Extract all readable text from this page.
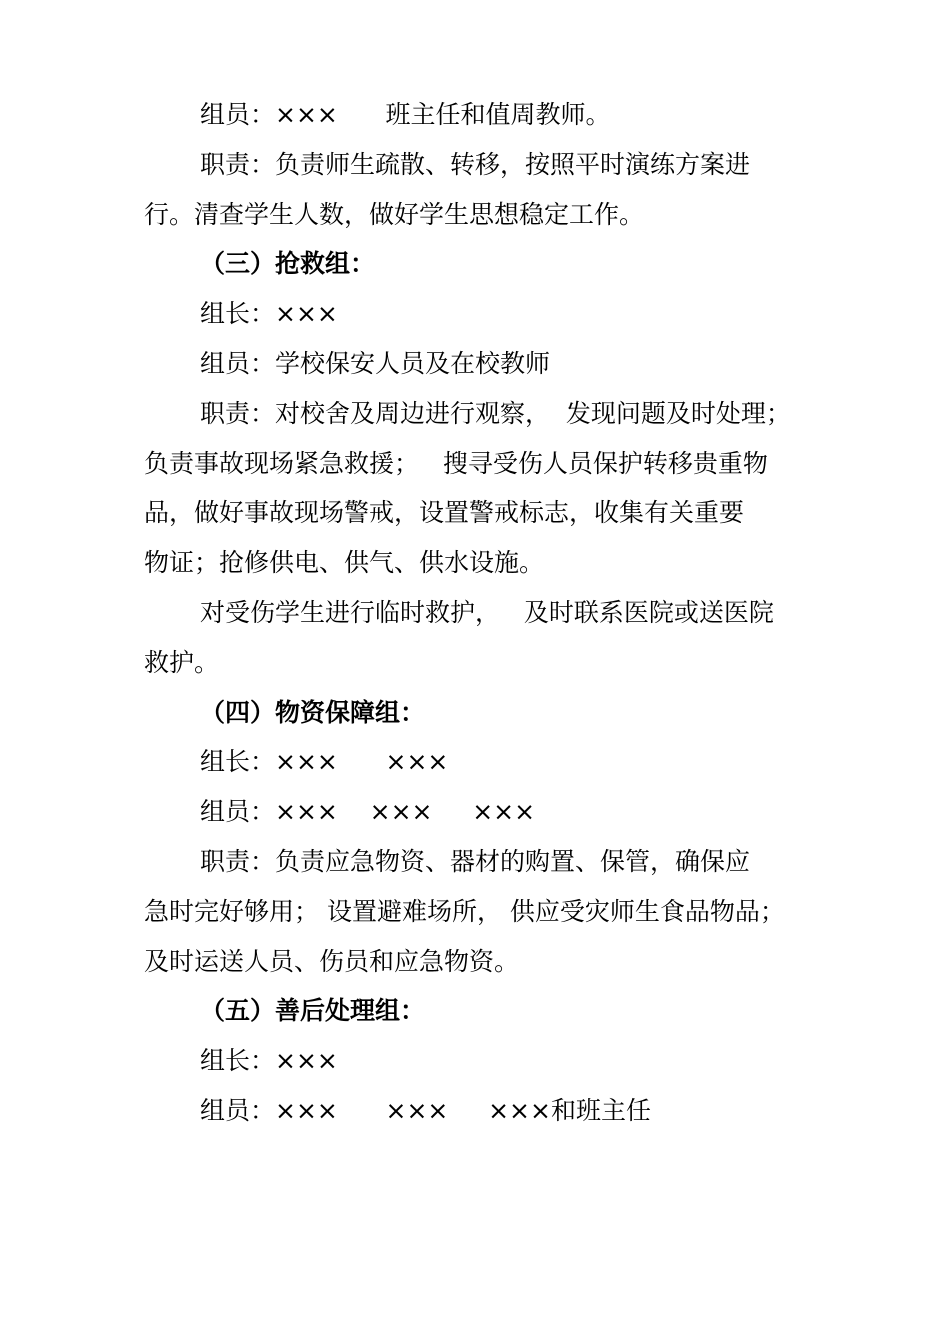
组员：×××      班主任和值周教师。
职责：负责师生疏散、转移，按照平时演练方案进
行。清查学生人数，做好学生思想稳定工作。
（三）抢救组：
组长：×××
组员：学校保安人员及在校教师
职责：对校舍及周边进行观察，  发现问题及时处理；
负责事故现场紧急救援；   搜寻受伤人员保护转移贵重物
品，做好事故现场警戒，设置警戒标志，收集有关重要
物证；抢修供电、供气、供水设施。
对受伤学生进行临时救护，   及时联系医院或送医院
救护。
（四）物资保障组：
组长：×××      ×××
组员：×××    ×××     ×××
职责：负责应急物资、器材的购置、保管，确保应
急时完好够用； 设置避难场所， 供应受灾师生食品物品；
及时运送人员、伤员和应急物资。
（五）善后处理组：
组长：×××
组员：×××      ×××     ×××和班主任
